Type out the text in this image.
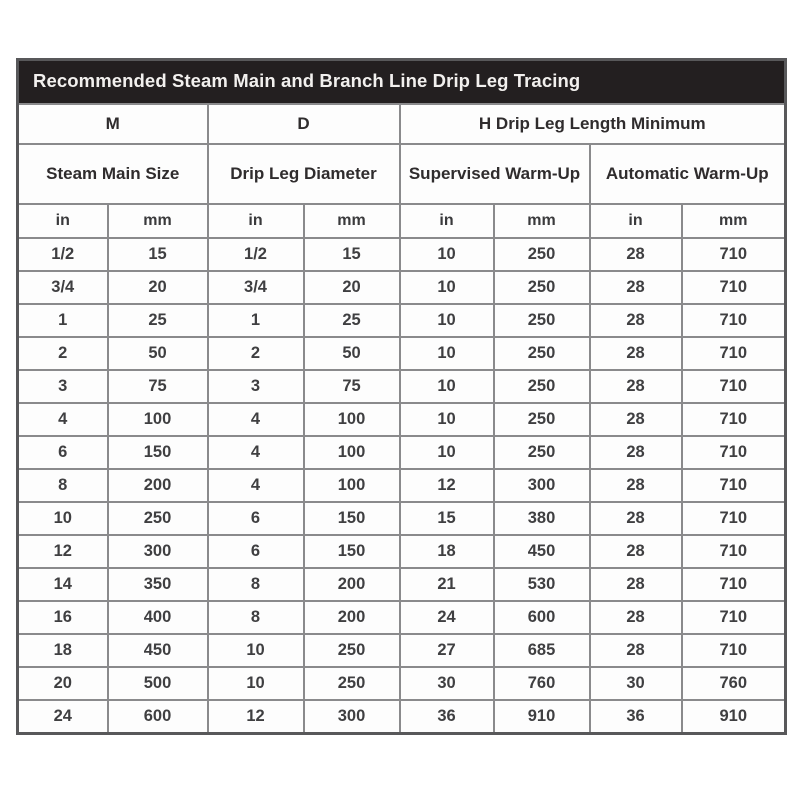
Recommended Steam Main and Branch Line Drip Leg Tracing							
M		D		H Drip Leg Length Minimum			
Steam Main Size		Drip Leg Diameter		Supervised Warm-Up		Automatic Warm-Up	
in	mm	in	mm	in	mm	in	mm
1/2	15	1/2	15	10	250	28	710
3/4	20	3/4	20	10	250	28	710
1	25	1	25	10	250	28	710
2	50	2	50	10	250	28	710
3	75	3	75	10	250	28	710
4	100	4	100	10	250	28	710
6	150	4	100	10	250	28	710
8	200	4	100	12	300	28	710
10	250	6	150	15	380	28	710
12	300	6	150	18	450	28	710
14	350	8	200	21	530	28	710
16	400	8	200	24	600	28	710
18	450	10	250	27	685	28	710
20	500	10	250	30	760	30	760
24	600	12	300	36	910	36	910
